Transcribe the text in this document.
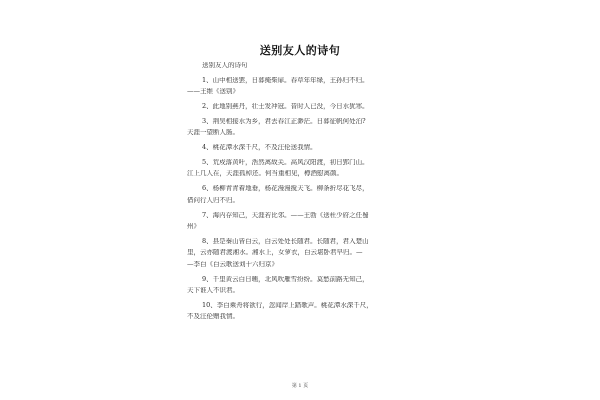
送别友人的诗句
送别友人的诗句
1、山中相送罢，日暮掩柴扉。春草年年绿，王孙归不归。
——王维《送别》
2、此地别燕丹，壮士发冲冠。昔时人已没，今日水犹寒。
3、荆吴相接水为乡，君去春江正渺茫。日暮征帆何处泊?
天涯一望断人肠。
4、桃花潭水深千尺，不及汪伦送我情。
5、荒戍落黄叶，浩然离故关。高风汉阳渡，初日郢门山。
江上几人在，天涯孤棹还。何当重相见，樽酒慰离颜。
6、杨柳青青着地垂，杨花漫漫搅天飞。柳条折尽花飞尽，
借问行人归不归。
7、海内存知己，天涯若比邻。——王勃《送杜少府之任蜀
州》
8、县是秦山皆白云，白云处处长随君。长随君，君入楚山
里，云亦随君渡湘水。湘水上，女萝衣，白云堪卧君早归。—
—李白《白云歌送刘十六归京》
9、千里黄云白日曛，北风吹雁雪纷纷。莫愁前路无知己，
天下谁人不识君。
10、李白乘舟将欲行，忽闻岸上踏歌声。桃花潭水深千尺，
不及汪伦赠我情。
第 1 页
